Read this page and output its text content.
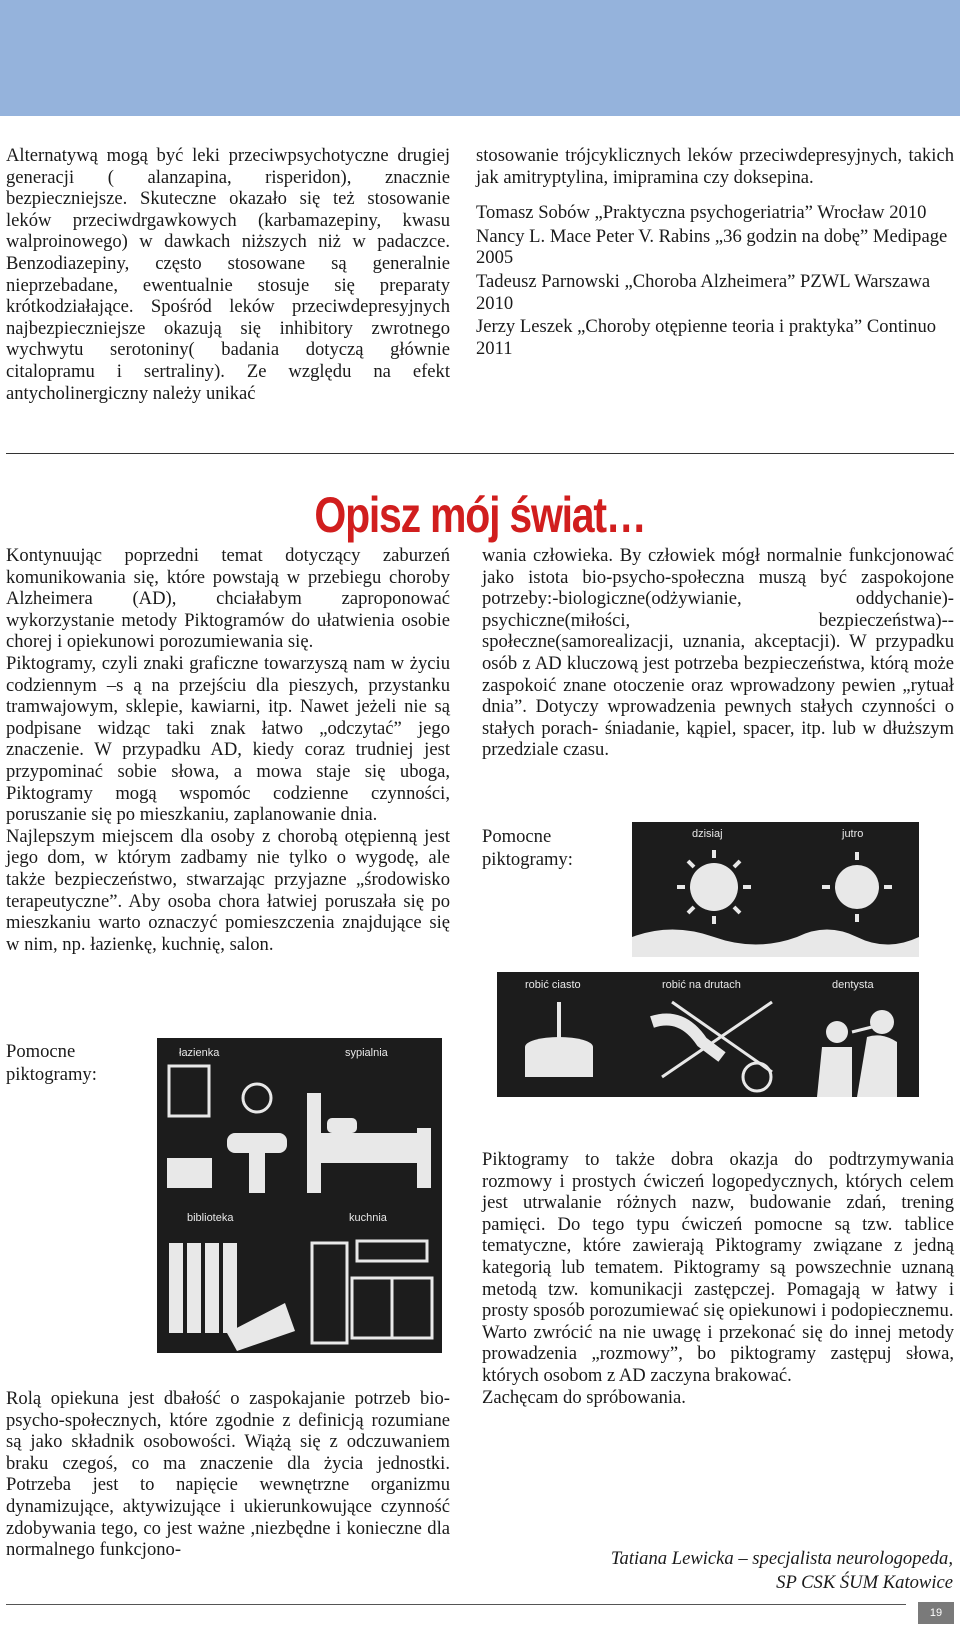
Alternatywą mogą być leki przeciwpsychotyczne drugiej generacji ( alanzapina, risperidon), znacznie bezpieczniejsze. Skuteczne okazało się też stosowanie leków przeciwdrgawkowych (karbamazepiny, kwasu walproinowego) w dawkach niższych niż w padaczce. Benzodiazepiny, często stosowane są generalnie nieprzebadane, ewentualnie stosuje się preparaty krótkodziałające. Spośród leków przeciwdepresyjnych najbezpieczniejsze okazują się inhibitory zwrotnego wychwytu serotoniny( badania dotyczą głównie citalopramu i sertraliny). Ze względu na efekt antycholinergiczny należy unikać

stosowanie trójcyklicznych leków przeciwdepresyjnych, takich jak amitryptylina, imipramina czy doksepina.

Tomasz Sobów „Praktyczna psychogeriatria” Wrocław 2010

Nancy L. Mace Peter V. Rabins „36 godzin na dobę” Medipage 2005

Tadeusz Parnowski „Choroba Alzheimera” PZWL Warszawa 2010

Jerzy Leszek „Choroby otępienne teoria i praktyka” Continuo 2011

Opisz mój świat…

Kontynuując poprzedni temat dotyczący zaburzeń komunikowania się, które powstają w przebiegu choroby Alzheimera (AD), chciałabym zaproponować wykorzystanie metody Piktogramów do ułatwienia osobie chorej i opiekunowi porozumiewania się.

Piktogramy, czyli znaki graficzne towarzyszą nam w życiu codziennym –s ą na przejściu dla pieszych, przystanku tramwajowym, sklepie, kawiarni, itp. Nawet jeżeli nie są podpisane widząc taki znak łatwo „odczytać” jego znaczenie. W przypadku AD, kiedy coraz trudniej jest przypominać sobie słowa, a mowa staje się uboga, Piktogramy mogą wspomóc codzienne czynności, poruszanie się po mieszkaniu, zaplanowanie dnia.

Najlepszym miejscem dla osoby z chorobą otępienną jest jego dom, w którym zadbamy nie tylko o wygodę, ale także bezpieczeństwo, stwarzając przyjazne „środowisko terapeutyczne”. Aby osoba chora łatwiej poruszała się po mieszkaniu warto oznaczyć pomieszczenia znajdujące się w nim, np. łazienkę, kuchnię, salon.

Pomocne piktogramy:
łazienka	sypialnia
biblioteka	kuchnia

Rolą opiekuna jest dbałość o zaspokajanie potrzeb bio-psycho-społecznych, które zgodnie z definicją rozumiane są jako składnik osobowości. Wiążą się z odczuwaniem braku czegoś, co ma znaczenie dla życia jednostki. Potrzeba jest to napięcie wewnętrzne organizmu dynamizujące, aktywizujące i ukierunkowujące czynność zdobywania tego, co jest ważne ,niezbędne i konieczne dla normalnego funkcjono-

wania człowieka. By człowiek mógł normalnie funkcjonować jako istota bio-psycho-społeczna muszą być zaspokojone potrzeby:-biologiczne(odżywianie, oddychanie)-psychiczne(miłości, bezpieczeństwa)--społeczne(samorealizacji, uznania, akceptacji). W przypadku osób z AD kluczową jest potrzeba bezpieczeństwa, którą może zaspokoić znane otoczenie oraz wprowadzony pewien „rytuał dnia”. Dotyczy wprowadzenia pewnych stałych czynności o stałych porach- śniadanie, kąpiel, spacer, itp. lub w dłuższym przedziale czasu.

Pomocne piktogramy:
dzisiaj	jutro
robić ciasto	robić na drutach	dentysta

Piktogramy to także dobra okazja do podtrzymywania rozmowy i prostych ćwiczeń logopedycznych, których celem jest utrwalanie różnych nazw, budowanie zdań, trening pamięci. Do tego typu ćwiczeń pomocne są tzw. tablice tematyczne, które zawierają Piktogramy związane z jedną kategorią lub tematem. Piktogramy są powszechnie uznaną metodą tzw. komunikacji zastępczej. Pomagają w łatwy i prosty sposób porozumiewać się opiekunowi i podopiecznemu.

Warto zwrócić na nie uwagę i przekonać się do innej metody prowadzenia „rozmowy”, bo piktogramy zastępuj słowa, których osobom z AD zaczyna brakować.

Zachęcam do spróbowania.

Tatiana Lewicka – specjalista neurologopeda,
SP CSK ŚUM Katowice
19
